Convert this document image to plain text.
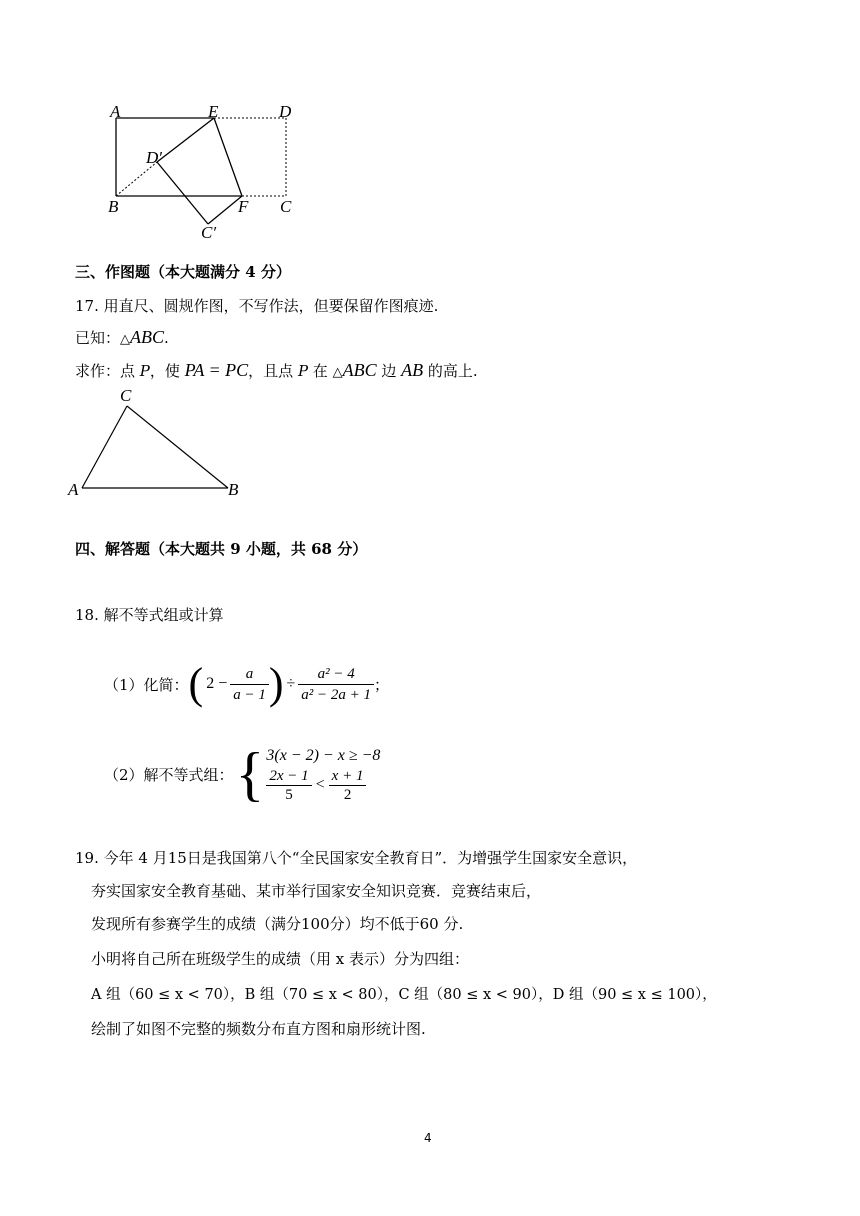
A	E	D
D′
B	F C
C′
三、作图题（本大题满分 4 分）
17. 用直尺、圆规作图，不写作法，但要保留作图痕迹.
已知：△ABC.
求作：点 P，使 PA = PC，且点 P 在 △ABC 边 AB 的高上.
C
A	B
四、解答题（本大题共 9 小题，共 68 分）
18. 解不等式组或计算
（1）化简： ( $2 - \frac{a}{a - 1}$ ) ÷ $\frac{\text{a² − 4}}{\text{a² − 2a + 1}}$ ；
（2）解不等式组： { 3(x − 2) − x ≥ −8
$\frac{2x - 1}{5} < \frac{x + 1}{2}$
19. 今年 4 月15日是我国第八个“全民国家安全教育日”．为增强学生国家安全意识，
夯实国家安全教育基础、某市举行国家安全知识竞赛．竞赛结束后，
发现所有参赛学生的成绩（满分100分）均不低于60 分.
小明将自己所在班级学生的成绩（用 x 表示）分为四组：
A 组（60 ≤ x < 70），B 组（70 ≤ x < 80），C 组（80 ≤ x < 90），D 组（90 ≤ x ≤ 100），
绘制了如图不完整的频数分布直方图和扇形统计图.
4
